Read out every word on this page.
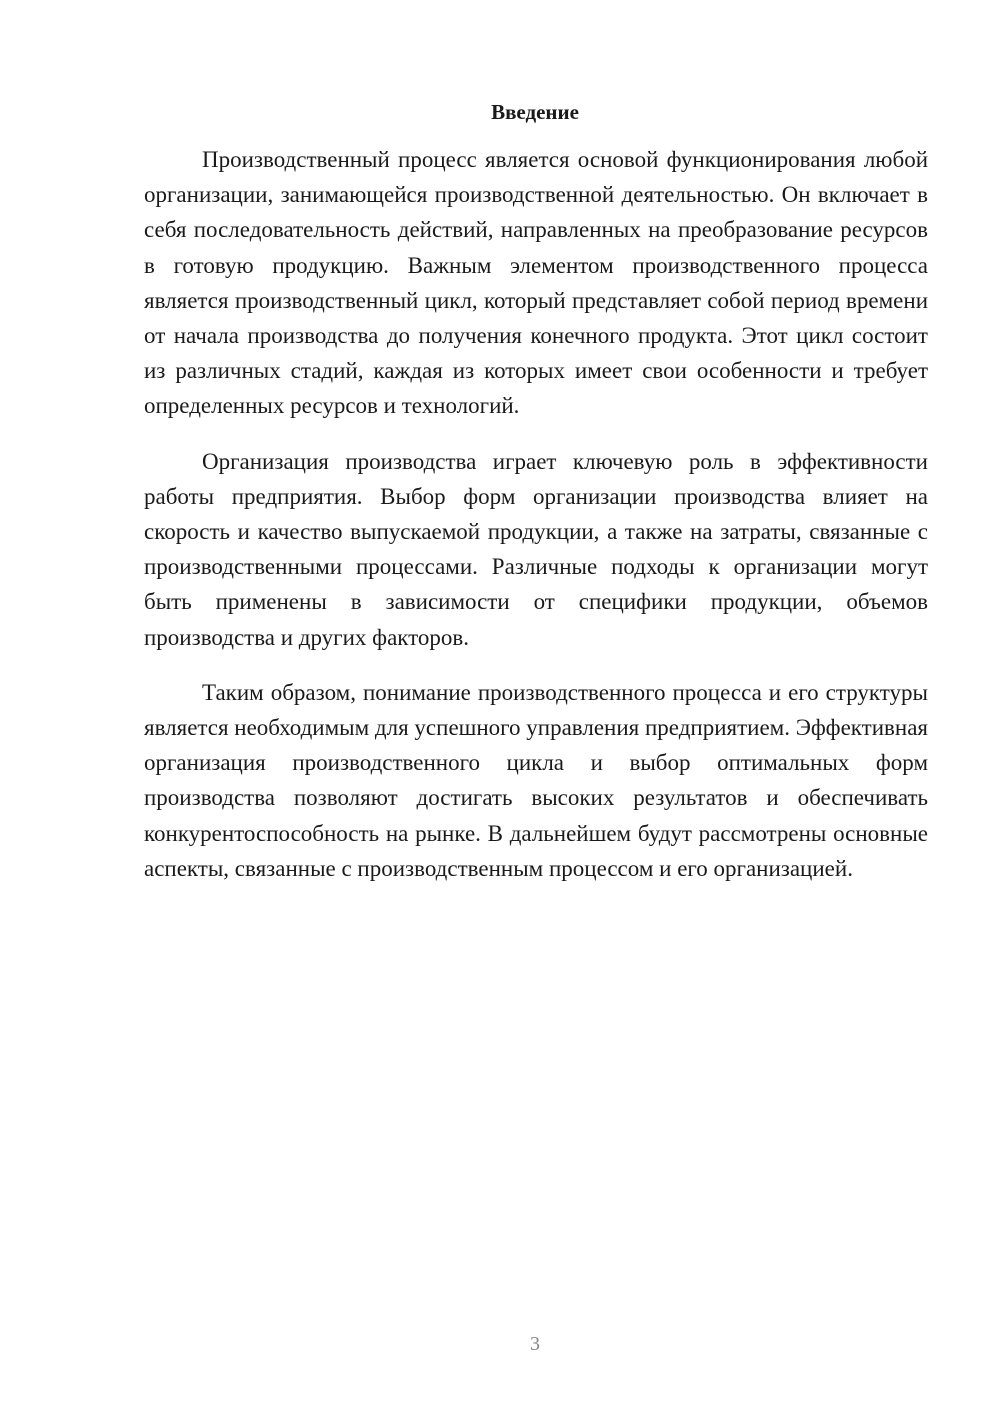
Введение

Производственный процесс является основой функционирования любой организации, занимающейся производственной деятельностью. Он включает в себя последовательность действий, направленных на преобразование ресурсов в готовую продукцию. Важным элементом производственного процесса является производственный цикл, который представляет собой период времени от начала производства до получения конечного продукта. Этот цикл состоит из различных стадий, каждая из которых имеет свои особенности и требует определенных ресурсов и технологий.

Организация производства играет ключевую роль в эффективности работы предприятия. Выбор форм организации производства влияет на скорость и качество выпускаемой продукции, а также на затраты, связанные с производственными процессами. Различные подходы к организации могут быть применены в зависимости от специфики продукции, объемов производства и других факторов.

Таким образом, понимание производственного процесса и его структуры является необходимым для успешного управления предприятием. Эффективная организация производственного цикла и выбор оптимальных форм производства позволяют достигать высоких результатов и обеспечивать конкурентоспособность на рынке. В дальнейшем будут рассмотрены основные аспекты, связанные с производственным процессом и его организацией.

3
